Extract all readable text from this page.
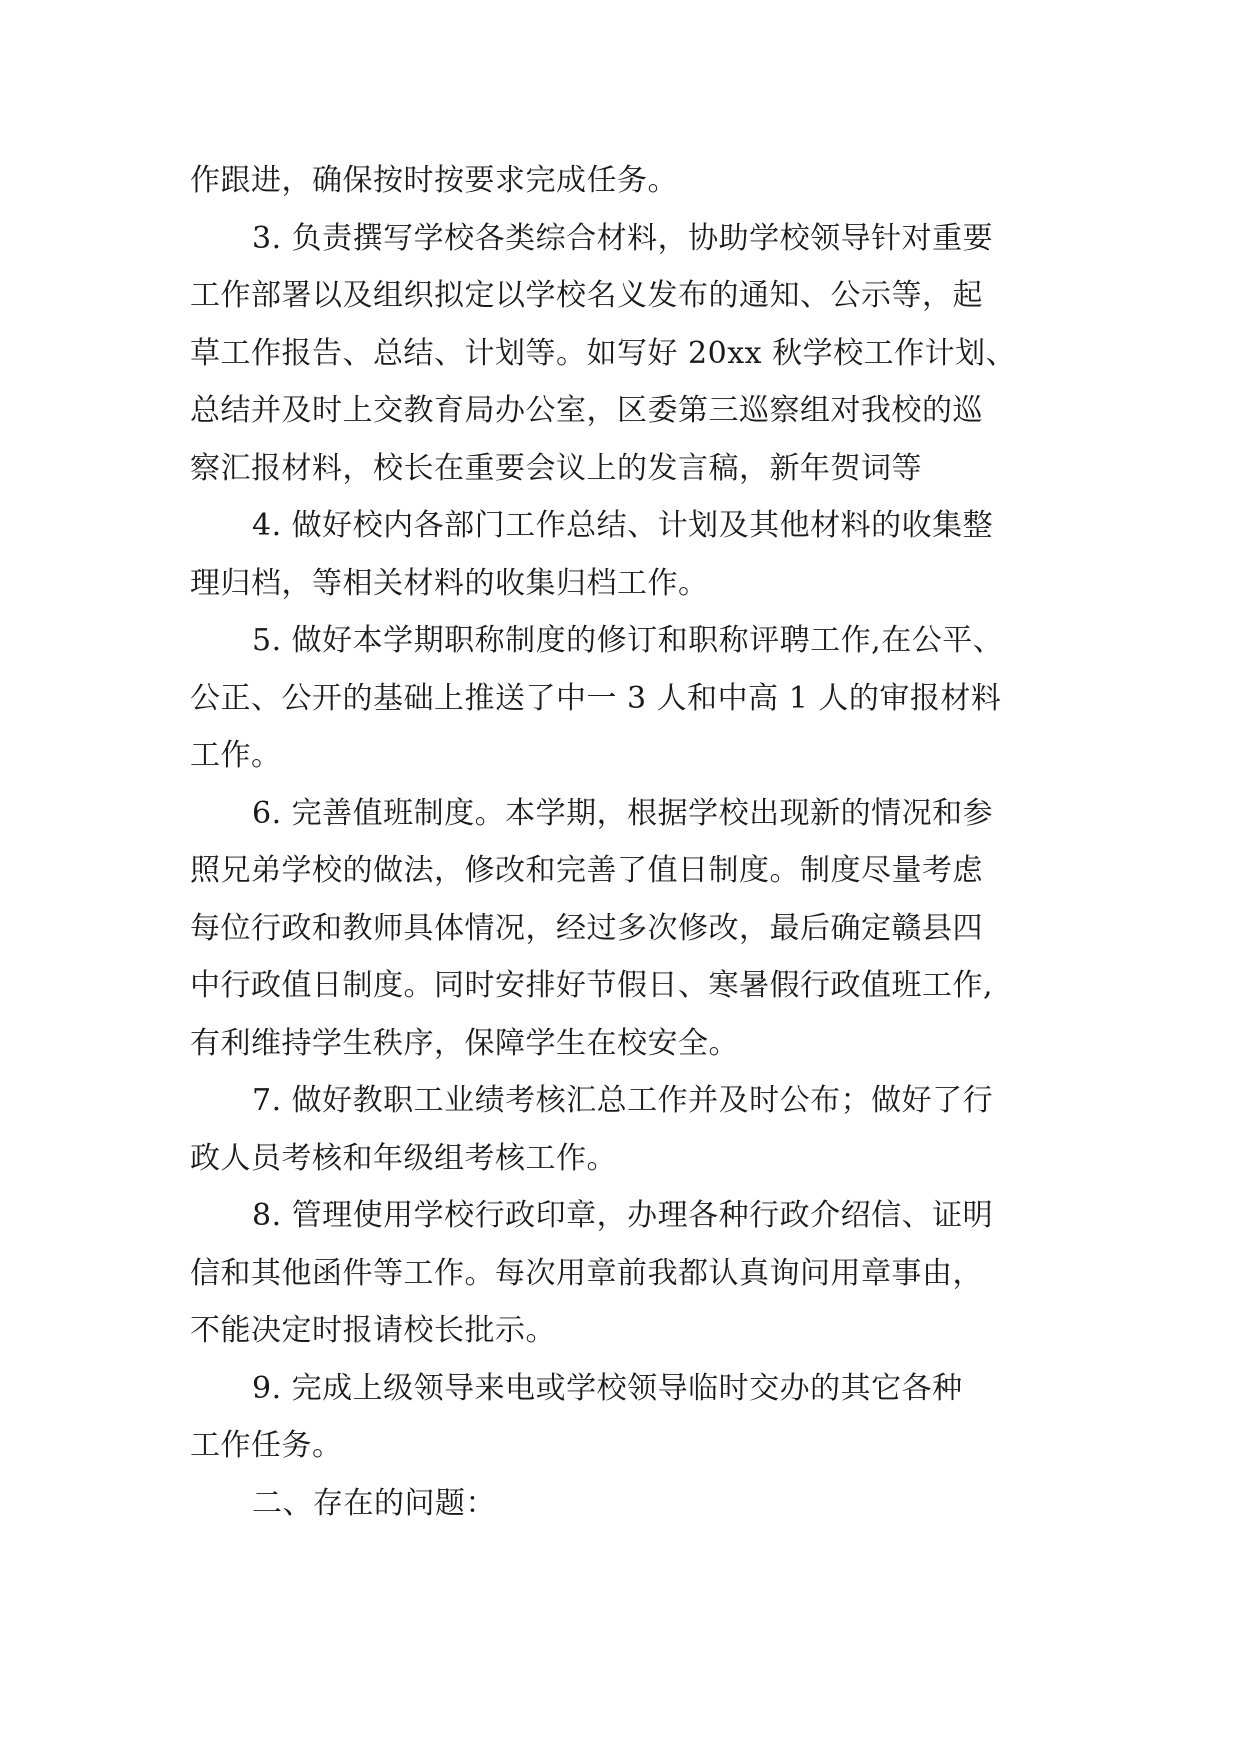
作跟进，确保按时按要求完成任务。

3. 负责撰写学校各类综合材料，协助学校领导针对重要
工作部署以及组织拟定以学校名义发布的通知、公示等，起
草工作报告、总结、计划等。如写好 20xx 秋学校工作计划、
总结并及时上交教育局办公室，区委第三巡察组对我校的巡
察汇报材料，校长在重要会议上的发言稿，新年贺词等

4. 做好校内各部门工作总结、计划及其他材料的收集整
理归档，等相关材料的收集归档工作。

5. 做好本学期职称制度的修订和职称评聘工作,在公平、
公正、公开的基础上推送了中一 3 人和中高 1 人的审报材料
工作。

6. 完善值班制度。本学期，根据学校出现新的情况和参
照兄弟学校的做法，修改和完善了值日制度。制度尽量考虑
每位行政和教师具体情况，经过多次修改，最后确定赣县四
中行政值日制度。同时安排好节假日、寒暑假行政值班工作,
有利维持学生秩序，保障学生在校安全。

7. 做好教职工业绩考核汇总工作并及时公布；做好了行
政人员考核和年级组考核工作。

8. 管理使用学校行政印章，办理各种行政介绍信、证明
信和其他函件等工作。每次用章前我都认真询问用章事由，
不能决定时报请校长批示。

9. 完成上级领导来电或学校领导临时交办的其它各种
工作任务。

二、存在的问题：
